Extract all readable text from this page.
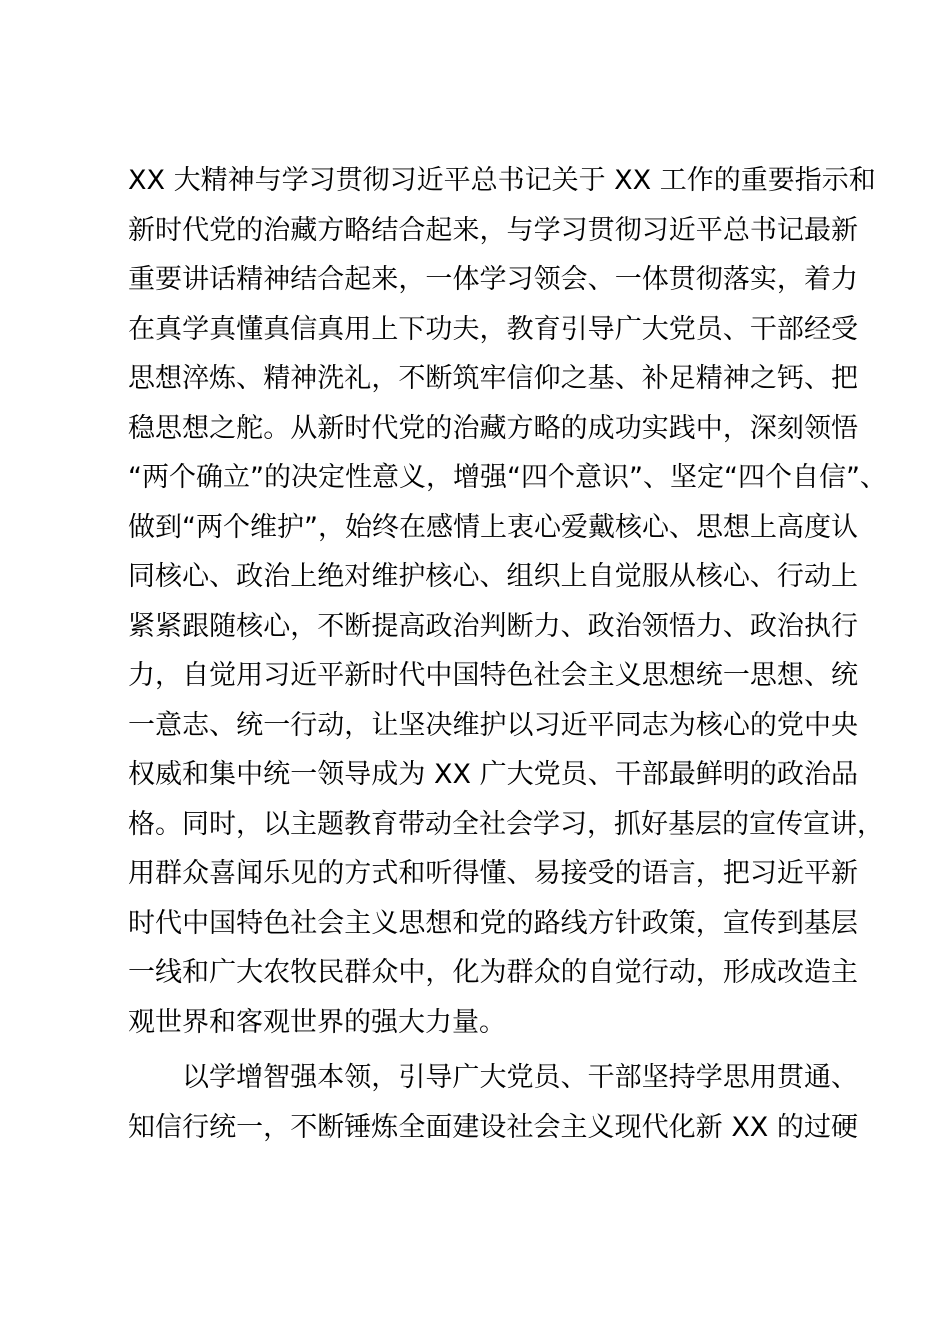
XX 大精神与学习贯彻习近平总书记关于 XX 工作的重要指示和
新时代党的治藏方略结合起来，与学习贯彻习近平总书记最新
重要讲话精神结合起来，一体学习领会、一体贯彻落实，着力
在真学真懂真信真用上下功夫，教育引导广大党员、干部经受
思想淬炼、精神洗礼，不断筑牢信仰之基、补足精神之钙、把
稳思想之舵。从新时代党的治藏方略的成功实践中，深刻领悟
“两个确立”的决定性意义，增强“四个意识”、坚定“四个自信”、
做到“两个维护”，始终在感情上衷心爱戴核心、思想上高度认
同核心、政治上绝对维护核心、组织上自觉服从核心、行动上
紧紧跟随核心，不断提高政治判断力、政治领悟力、政治执行
力，自觉用习近平新时代中国特色社会主义思想统一思想、统
一意志、统一行动，让坚决维护以习近平同志为核心的党中央
权威和集中统一领导成为 XX 广大党员、干部最鲜明的政治品
格。同时，以主题教育带动全社会学习，抓好基层的宣传宣讲，
用群众喜闻乐见的方式和听得懂、易接受的语言，把习近平新
时代中国特色社会主义思想和党的路线方针政策，宣传到基层
一线和广大农牧民群众中，化为群众的自觉行动，形成改造主
观世界和客观世界的强大力量。
以学增智强本领，引导广大党员、干部坚持学思用贯通、
知信行统一，不断锤炼全面建设社会主义现代化新 XX 的过硬
